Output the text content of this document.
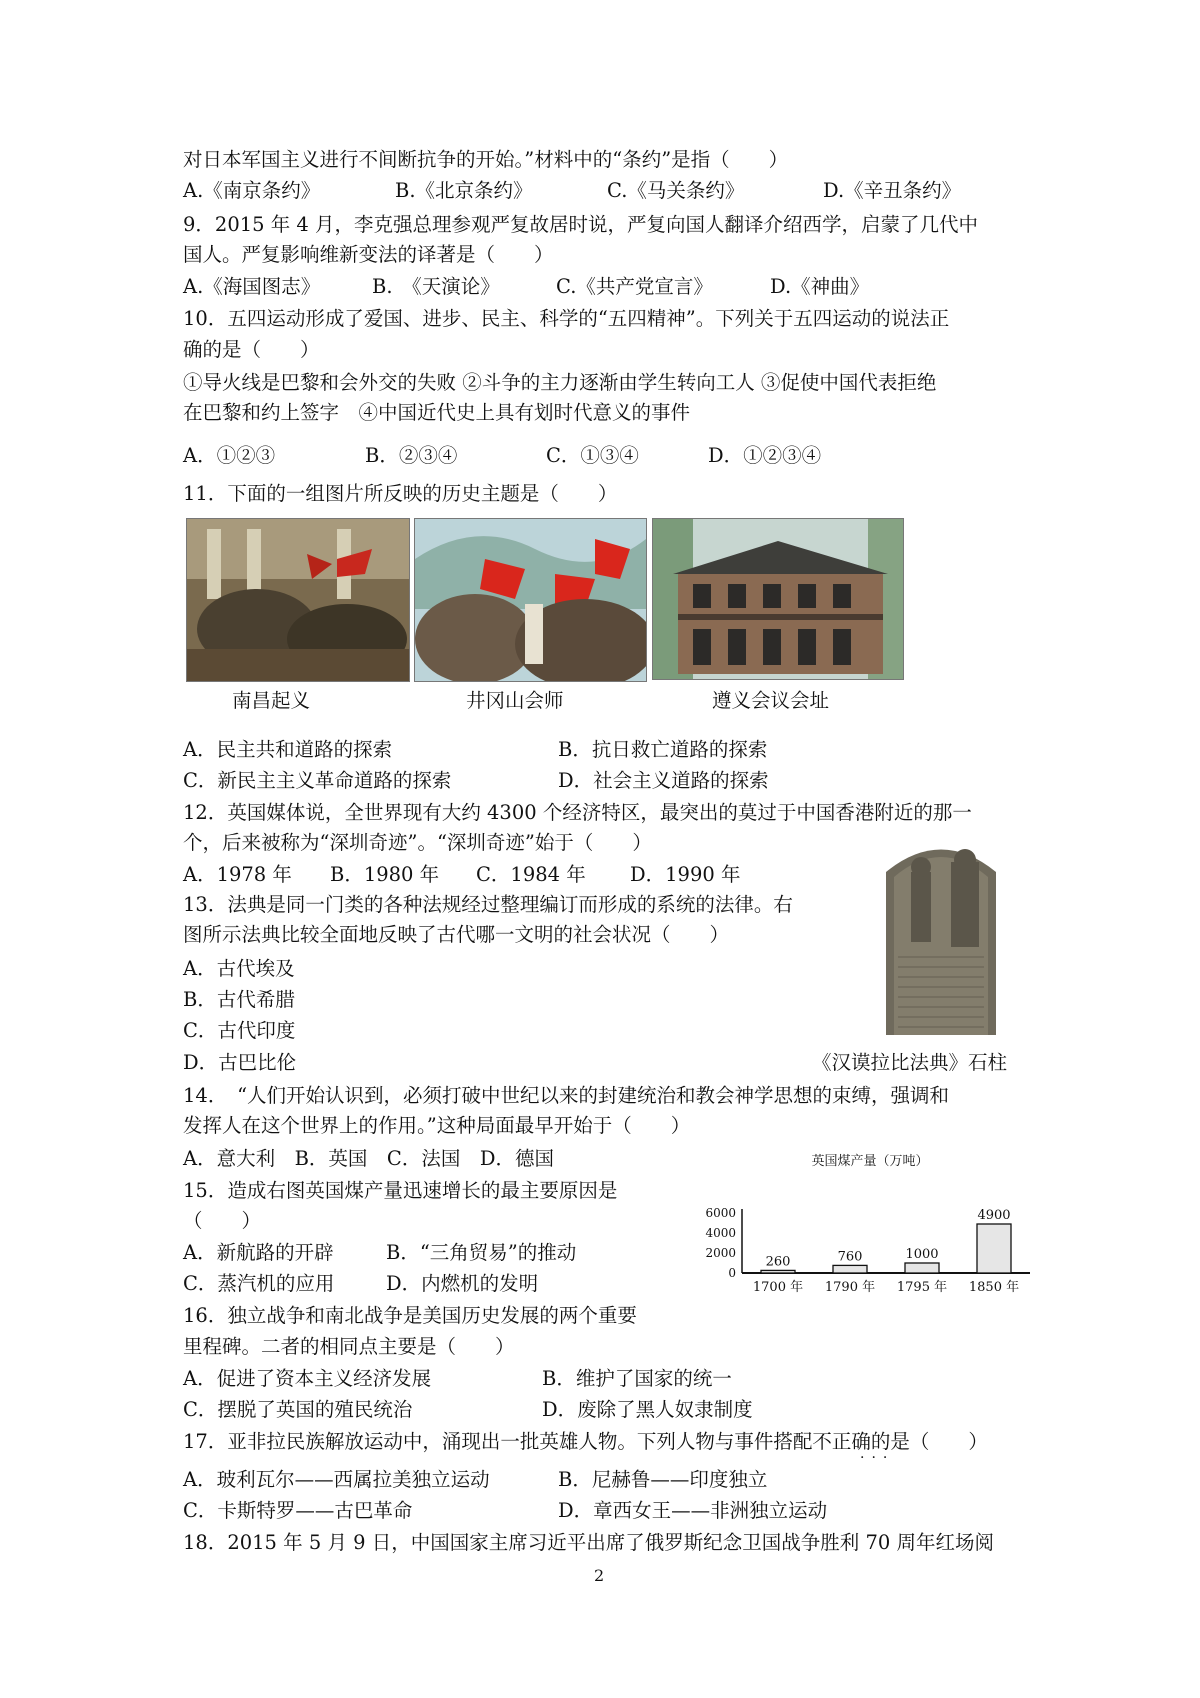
对日本军国主义进行不间断抗争的开始。”材料中的“条约”是指（　　）
A.《南京条约》	B.《北京条约》	C.《马关条约》	D.《辛丑条约》
9．2015 年 4 月，李克强总理参观严复故居时说，严复向国人翻译介绍西学，启蒙了几代中
国人。严复影响维新变法的译著是（　　）
A.《海国图志》	B.　《天演论》	C.《共产党宣言》	D.《神曲》
10．五四运动形成了爱国、进步、民主、科学的“五四精神”。下列关于五四运动的说法正
确的是（　　）
①导火线是巴黎和会外交的失败 ②斗争的主力逐渐由学生转向工人 ③促使中国代表拒绝
在巴黎和约上签字　④中国近代史上具有划时代意义的事件
A．①②③	B．②③④	C．①③④	D．①②③④
11．下面的一组图片所反映的历史主题是（　　）
南昌起义	井冈山会师	遵义会议会址
A．民主共和道路的探索	B．抗日救亡道路的探索
C．新民主主义革命道路的探索	D．社会主义道路的探索
12．英国媒体说，全世界现有大约 4300 个经济特区，最突出的莫过于中国香港附近的那一
个，后来被称为“深圳奇迹”。“深圳奇迹”始于（　　）
A．1978 年 B．1980 年 C．1984 年 D．1990 年
13．法典是同一门类的各种法规经过整理编订而形成的系统的法律。右
图所示法典比较全面地反映了古代哪一文明的社会状况（　　）
A．古代埃及
B．古代希腊
C．古代印度
D．古巴比伦	《汉谟拉比法典》石柱
14．　“人们开始认识到，必须打破中世纪以来的封建统治和教会神学思想的束缚，强调和
发挥人在这个世界上的作用。”这种局面最早开始于（　　）
A．意大利　B．英国　C．法国　D．德国	英国煤产量（万吨）
6000
4000
2000
0
260
1700 年
760
1790 年
1000
1795 年
4900
1850 年
15．造成右图英国煤产量迅速增长的最主要原因是
（　　）
A．新航路的开辟	B．“三角贸易”的推动
C．蒸汽机的应用	D．内燃机的发明
16．独立战争和南北战争是美国历史发展的两个重要
里程碑。二者的相同点主要是（　　）
A．促进了资本主义经济发展	B．维护了国家的统一
C．摆脱了英国的殖民统治	D．废除了黑人奴隶制度
17．亚非拉民族解放运动中，涌现出一批英雄人物。下列人物与事件搭配不正确的是（　　）
···
A．玻利瓦尔——西属拉美独立运动	B．尼赫鲁——印度独立
C．卡斯特罗——古巴革命	D．章西女王——非洲独立运动
18．2015 年 5 月 9 日，中国国家主席习近平出席了俄罗斯纪念卫国战争胜利 70 周年红场阅
2
